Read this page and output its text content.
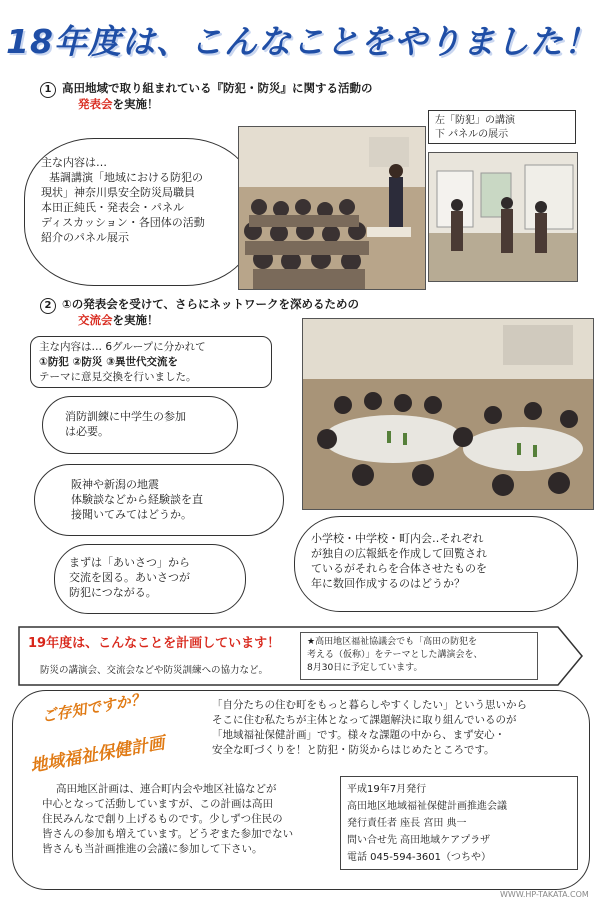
18年度は、こんなことをやりました！
1 高田地域で取り組まれている『防犯・防災』に関する活動の
発表会を実施！
主な内容は…
基調講演「地域における防犯の
現状」神奈川県安全防災局職員
本田正純氏・発表会・パネル
ディスカッション・各団体の活動
紹介のパネル展示
左「防犯」の講演
下 パネルの展示
2 ①の発表会を受けて、さらにネットワークを深めるための
交流会を実施！
主な内容は… 6グループに分かれて
①防犯 ②防災 ③異世代交流を
テーマに意見交換を行いました。
消防訓練に中学生の参加
は必要。
阪神や新潟の地震
体験談などから経験談を直
接聞いてみてはどうか。
まずは「あいさつ」から
交流を図る。あいさつが
防犯につながる。
小学校・中学校・町内会‥それぞれ
が独自の広報紙を作成して回覧され
ているがそれらを合体させたものを
年に数回作成するのはどうか？
19年度は、こんなことを計画しています！
防災の講演会、交流会などや防災訓練への協力など。
★高田地区福祉協議会でも「高田の防犯を
考える（仮称）」をテーマとした講演会を、
8月30日に予定しています。
ご存知ですか？
地域福祉保健計画
「自分たちの住む町をもっと暮らしやすくしたい」という思いから
そこに住む私たちが主体となって課題解決に取り組んでいるのが
「地域福祉保健計画」です。様々な課題の中から、まず安心・
安全な町づくりを！と防犯・防災からはじめたところです。
高田地区計画は、連合町内会や地区社協などが
中心となって活動していますが、この計画は高田
住民みんなで創り上げるものです。少しずつ住民の
皆さんの参加も増えています。どうぞまた参加でない
皆さんも当計画推進の会議に参加して下さい。
平成19年7月発行
高田地区地域福祉保健計画推進会議
発行責任者 座長 宮田 典一
問い合せ先 高田地域ケアプラザ
電話 045-594-3601（つちや）
WWW.HP-TAKATA.COM
